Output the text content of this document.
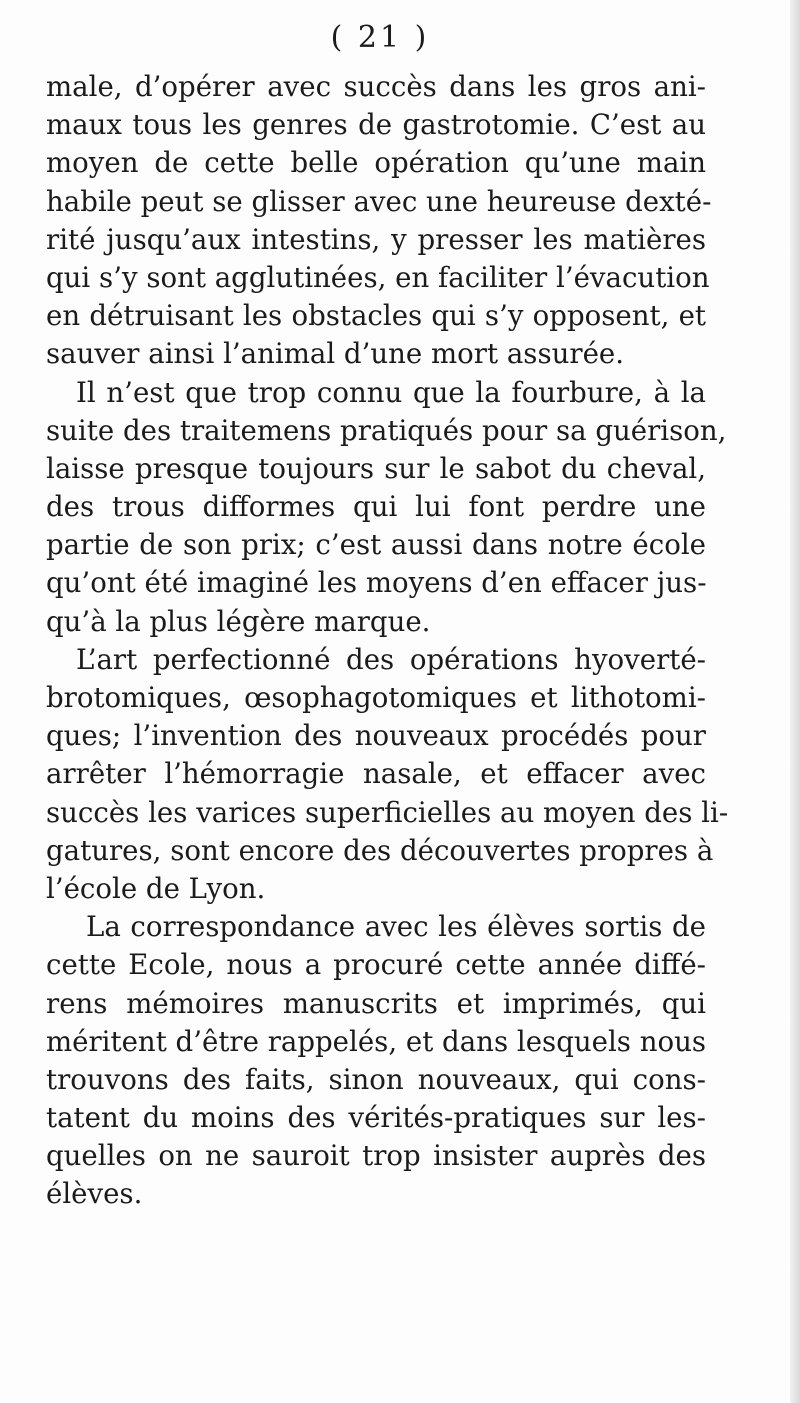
( 21 )
male, d’opérer avec succès dans les gros ani-
maux tous les genres de gastrotomie. C’est au
moyen de cette belle opération qu’une main
habile peut se glisser avec une heureuse dexté-
rité jusqu’aux intestins, y presser les matières
qui s’y sont agglutinées, en faciliter l’évacution
en détruisant les obstacles qui s’y opposent, et
sauver ainsi l’animal d’une mort assurée.
Il n’est que trop connu que la fourbure, à la
suite des traitemens pratiqués pour sa guérison,
laisse presque toujours sur le sabot du cheval,
des trous difformes qui lui font perdre une
partie de son prix; c’est aussi dans notre école
qu’ont été imaginé les moyens d’en effacer jus-
qu’à la plus légère marque.
L’art perfectionné des opérations hyoverté-
brotomiques, œsophagotomiques et lithotomi-
ques; l’invention des nouveaux procédés pour
arrêter l’hémorragie nasale, et effacer avec
succès les varices superficielles au moyen des li-
gatures, sont encore des découvertes propres à
l’école de Lyon.
La correspondance avec les élèves sortis de
cette Ecole, nous a procuré cette année diffé-
rens mémoires manuscrits et imprimés, qui
méritent d’être rappelés, et dans lesquels nous
trouvons des faits, sinon nouveaux, qui cons-
tatent du moins des vérités-pratiques sur les-
quelles on ne sauroit trop insister auprès des
élèves.
